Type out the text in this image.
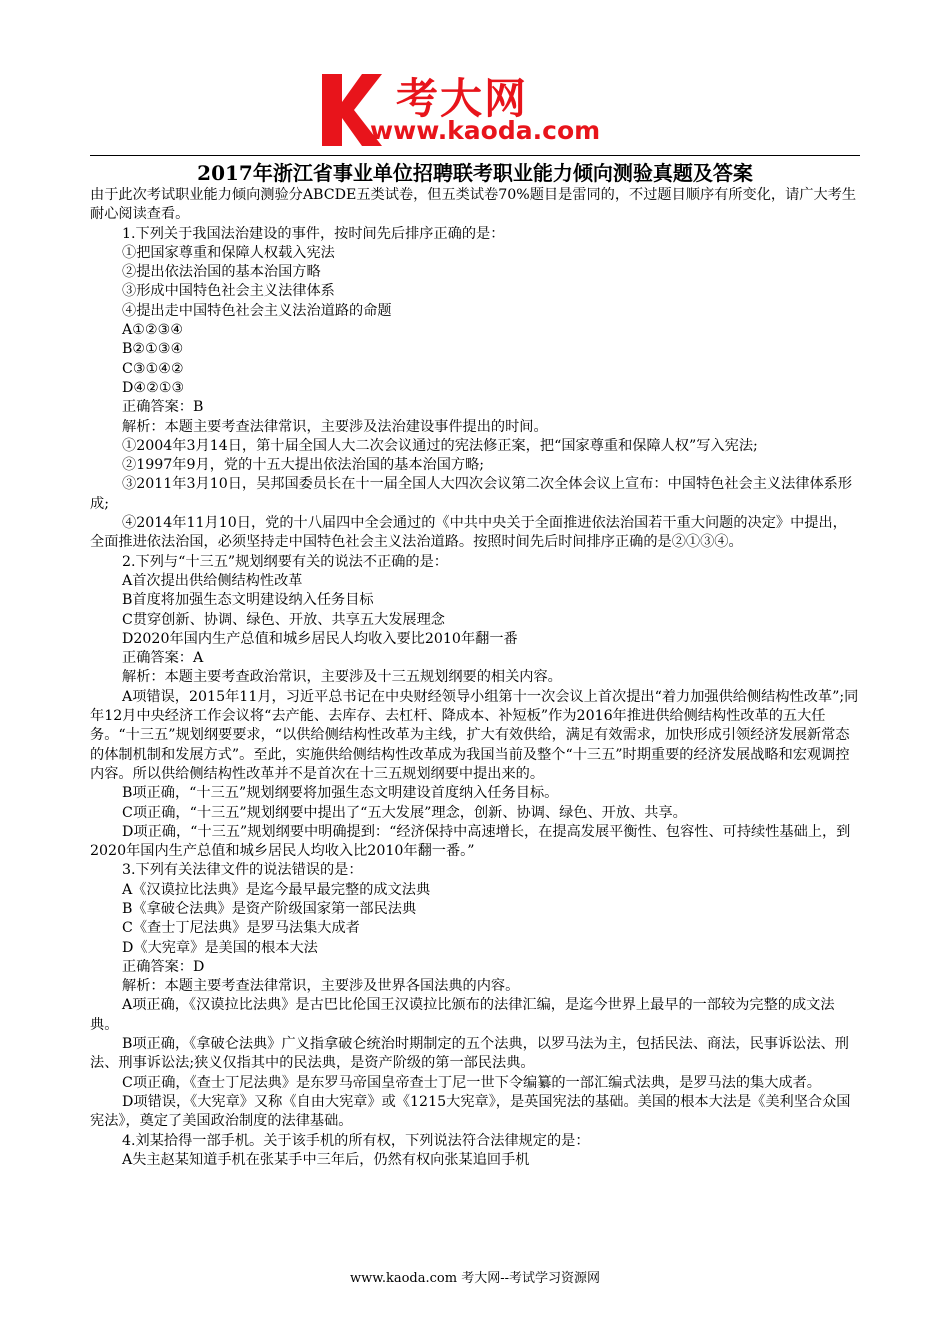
考大网
www.kaoda.com
2017年浙江省事业单位招聘联考职业能力倾向测验真题及答案

由于此次考试职业能力倾向测验分ABCDE五类试卷，但五类试卷70%题目是雷同的，不过题目顺序有所变化，请广大考生耐心阅读查看。

1.下列关于我国法治建设的事件，按时间先后排序正确的是：

①把国家尊重和保障人权载入宪法

②提出依法治国的基本治国方略

③形成中国特色社会主义法律体系

④提出走中国特色社会主义法治道路的命题

A①②③④

B②①③④

C③①④②

D④②①③

正确答案：B

解析：本题主要考查法律常识，主要涉及法治建设事件提出的时间。

①2004年3月14日，第十届全国人大二次会议通过的宪法修正案，把“国家尊重和保障人权”写入宪法;

②1997年9月，党的十五大提出依法治国的基本治国方略;

③2011年3月10日，吴邦国委员长在十一届全国人大四次会议第二次全体会议上宣布：中国特色社会主义法律体系形成;

④2014年11月10日，党的十八届四中全会通过的《中共中央关于全面推进依法治国若干重大问题的决定》中提出，全面推进依法治国，必须坚持走中国特色社会主义法治道路。按照时间先后时间排序正确的是②①③④。

2.下列与“十三五”规划纲要有关的说法不正确的是：

A首次提出供给侧结构性改革

B首度将加强生态文明建设纳入任务目标

C贯穿创新、协调、绿色、开放、共享五大发展理念

D2020年国内生产总值和城乡居民人均收入要比2010年翻一番

正确答案：A

解析：本题主要考查政治常识，主要涉及十三五规划纲要的相关内容。

A项错误，2015年11月，习近平总书记在中央财经领导小组第十一次会议上首次提出“着力加强供给侧结构性改革”;同年12月中央经济工作会议将“去产能、去库存、去杠杆、降成本、补短板”作为2016年推进供给侧结构性改革的五大任务。“十三五”规划纲要要求，“以供给侧结构性改革为主线，扩大有效供给，满足有效需求，加快形成引领经济发展新常态的体制机制和发展方式”。至此，实施供给侧结构性改革成为我国当前及整个“十三五”时期重要的经济发展战略和宏观调控内容。所以供给侧结构性改革并不是首次在十三五规划纲要中提出来的。

B项正确，“十三五”规划纲要将加强生态文明建设首度纳入任务目标。

C项正确，“十三五”规划纲要中提出了“五大发展”理念，创新、协调、绿色、开放、共享。

D项正确，“十三五”规划纲要中明确提到：“经济保持中高速增长，在提高发展平衡性、包容性、可持续性基础上，到2020年国内生产总值和城乡居民人均收入比2010年翻一番。”

3.下列有关法律文件的说法错误的是：

A《汉谟拉比法典》是迄今最早最完整的成文法典

B《拿破仑法典》是资产阶级国家第一部民法典

C《查士丁尼法典》是罗马法集大成者

D《大宪章》是美国的根本大法

正确答案：D

解析：本题主要考查法律常识，主要涉及世界各国法典的内容。

A项正确，《汉谟拉比法典》是古巴比伦国王汉谟拉比颁布的法律汇编，是迄今世界上最早的一部较为完整的成文法典。

B项正确，《拿破仑法典》广义指拿破仑统治时期制定的五个法典，以罗马法为主，包括民法、商法，民事诉讼法、刑法、刑事诉讼法;狭义仅指其中的民法典，是资产阶级的第一部民法典。

C项正确，《查士丁尼法典》是东罗马帝国皇帝查士丁尼一世下令编纂的一部汇编式法典，是罗马法的集大成者。

D项错误，《大宪章》又称《自由大宪章》或《1215大宪章》，是英国宪法的基础。美国的根本大法是《美利坚合众国宪法》，奠定了美国政治制度的法律基础。

4.刘某拾得一部手机。关于该手机的所有权，下列说法符合法律规定的是：

A失主赵某知道手机在张某手中三年后，仍然有权向张某追回手机

www.kaoda.com 考大网--考试学习资源网
